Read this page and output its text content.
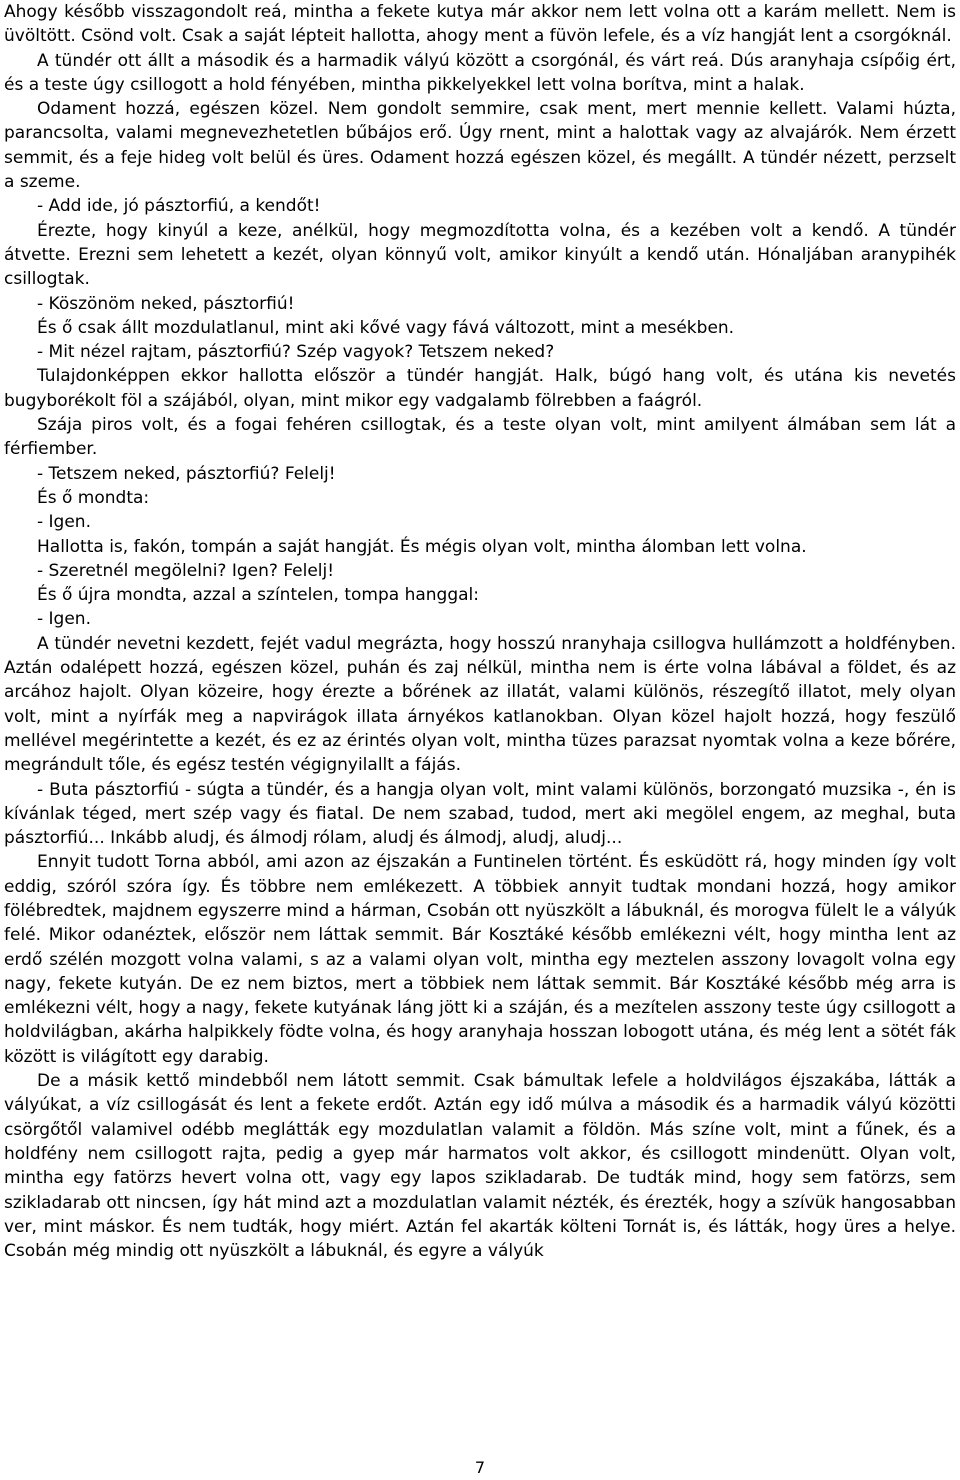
Ahogy később visszagondolt reá, mintha a fekete kutya már akkor nem lett volna ott a karám mellett. Nem is üvöltött. Csönd volt. Csak a saját lépteit hallotta, ahogy ment a füvön lefele, és a víz hangját lent a csorgóknál.

A tündér ott állt a második és a harmadik vályú között a csorgónál, és várt reá. Dús aranyhaja csípőig ért, és a teste úgy csillogott a hold fényében, mintha pikkelyekkel lett volna borítva, mint a halak.

Odament hozzá, egészen közel. Nem gondolt semmire, csak ment, mert mennie kellett. Valami húzta, parancsolta, valami megnevezhetetlen bűbájos erő. Úgy rnent, mint a halottak vagy az alvajárók. Nem érzett semmit, és a feje hideg volt belül és üres. Odament hozzá egészen közel, és megállt. A tündér nézett, perzselt a szeme.

- Add ide, jó pásztorfiú, a kendőt!

Érezte, hogy kinyúl a keze, anélkül, hogy megmozdította volna, és a kezében volt a kendő. A tündér átvette. Erezni sem lehetett a kezét, olyan könnyű volt, amikor kinyúlt a kendő után. Hónaljában aranypihék csillogtak.

- Köszönöm neked, pásztorfiú!

És ő csak állt mozdulatlanul, mint aki kővé vagy fává változott, mint a mesékben.

- Mit nézel rajtam, pásztorfiú? Szép vagyok? Tetszem neked?

Tulajdonképpen ekkor hallotta először a tündér hangját. Halk, búgó hang volt, és utána kis nevetés bugyborékolt föl a szájából, olyan, mint mikor egy vadgalamb fölrebben a faágról.

Szája piros volt, és a fogai fehéren csillogtak, és a teste olyan volt, mint amilyent álmában sem lát a férfiember.

- Tetszem neked, pásztorfiú? Felelj!

És ő mondta:

- Igen.

Hallotta is, fakón, tompán a saját hangját. És mégis olyan volt, mintha álomban lett volna.

- Szeretnél megölelni? Igen? Felelj!

És ő újra mondta, azzal a színtelen, tompa hanggal:

- Igen.

A tündér nevetni kezdett, fejét vadul megrázta, hogy hosszú nranyhaja csillogva hullámzott a holdfényben. Aztán odalépett hozzá, egészen közel, puhán és zaj nélkül, mintha nem is érte volna lábával a földet, és az arcához hajolt. Olyan közeire, hogy érezte a bőrének az illatát, valami különös, részegítő illatot, mely olyan volt, mint a nyírfák meg a napvirágok illata árnyékos katlanokban. Olyan közel hajolt hozzá, hogy feszülő mellével megérintette a kezét, és ez az érintés olyan volt, mintha tüzes parazsat nyomtak volna a keze bőrére, megrándult tőle, és egész testén végignyilallt a fájás.

- Buta pásztorfiú - súgta a tündér, és a hangja olyan volt, mint valami különös, borzongató muzsika -, én is kívánlak téged, mert szép vagy és fiatal. De nem szabad, tudod, mert aki megölel engem, az meghal, buta pásztorfiú... Inkább aludj, és álmodj rólam, aludj és álmodj, aludj, aludj...

Ennyit tudott Torna abból, ami azon az éjszakán a Funtinelen történt. És esküdött rá, hogy minden így volt eddig, szóról szóra így. És többre nem emlékezett. A többiek annyit tudtak mondani hozzá, hogy amikor fölébredtek, majdnem egyszerre mind a hárman, Csobán ott nyüszkölt a lábuknál, és morogva fülelt le a vályúk felé. Mikor odanéztek, először nem láttak semmit. Bár Kosztáké később emlékezni vélt, hogy mintha lent az erdő szélén mozgott volna valami, s az a valami olyan volt, mintha egy meztelen asszony lovagolt volna egy nagy, fekete kutyán. De ez nem biztos, mert a többiek nem láttak semmit. Bár Kosztáké később még arra is emlékezni vélt, hogy a nagy, fekete kutyának láng jött ki a száján, és a mezítelen asszony teste úgy csillogott a holdvilágban, akárha halpikkely födte volna, és hogy aranyhaja hosszan lobogott utána, és még lent a sötét fák között is világított egy darabig.

De a másik kettő mindebből nem látott semmit. Csak bámultak lefele a holdvilágos éjszakába, látták a vályúkat, a víz csillogását és lent a fekete erdőt. Aztán egy idő múlva a második és a harmadik vályú közötti csörgőtől valamivel odébb meglátták egy mozdulatlan valamit a földön. Más színe volt, mint a fűnek, és a holdfény nem csillogott rajta, pedig a gyep már harmatos volt akkor, és csillogott mindenütt. Olyan volt, mintha egy fatörzs hevert volna ott, vagy egy lapos szikladarab. De tudták mind, hogy sem fatörzs, sem szikladarab ott nincsen, így hát mind azt a mozdulatlan valamit nézték, és érezték, hogy a szívük hangosabban ver, mint máskor. És nem tudták, hogy miért. Aztán fel akarták költeni Tornát is, és látták, hogy üres a helye. Csobán még mindig ott nyüszkölt a lábuknál, és egyre a vályúk

7
